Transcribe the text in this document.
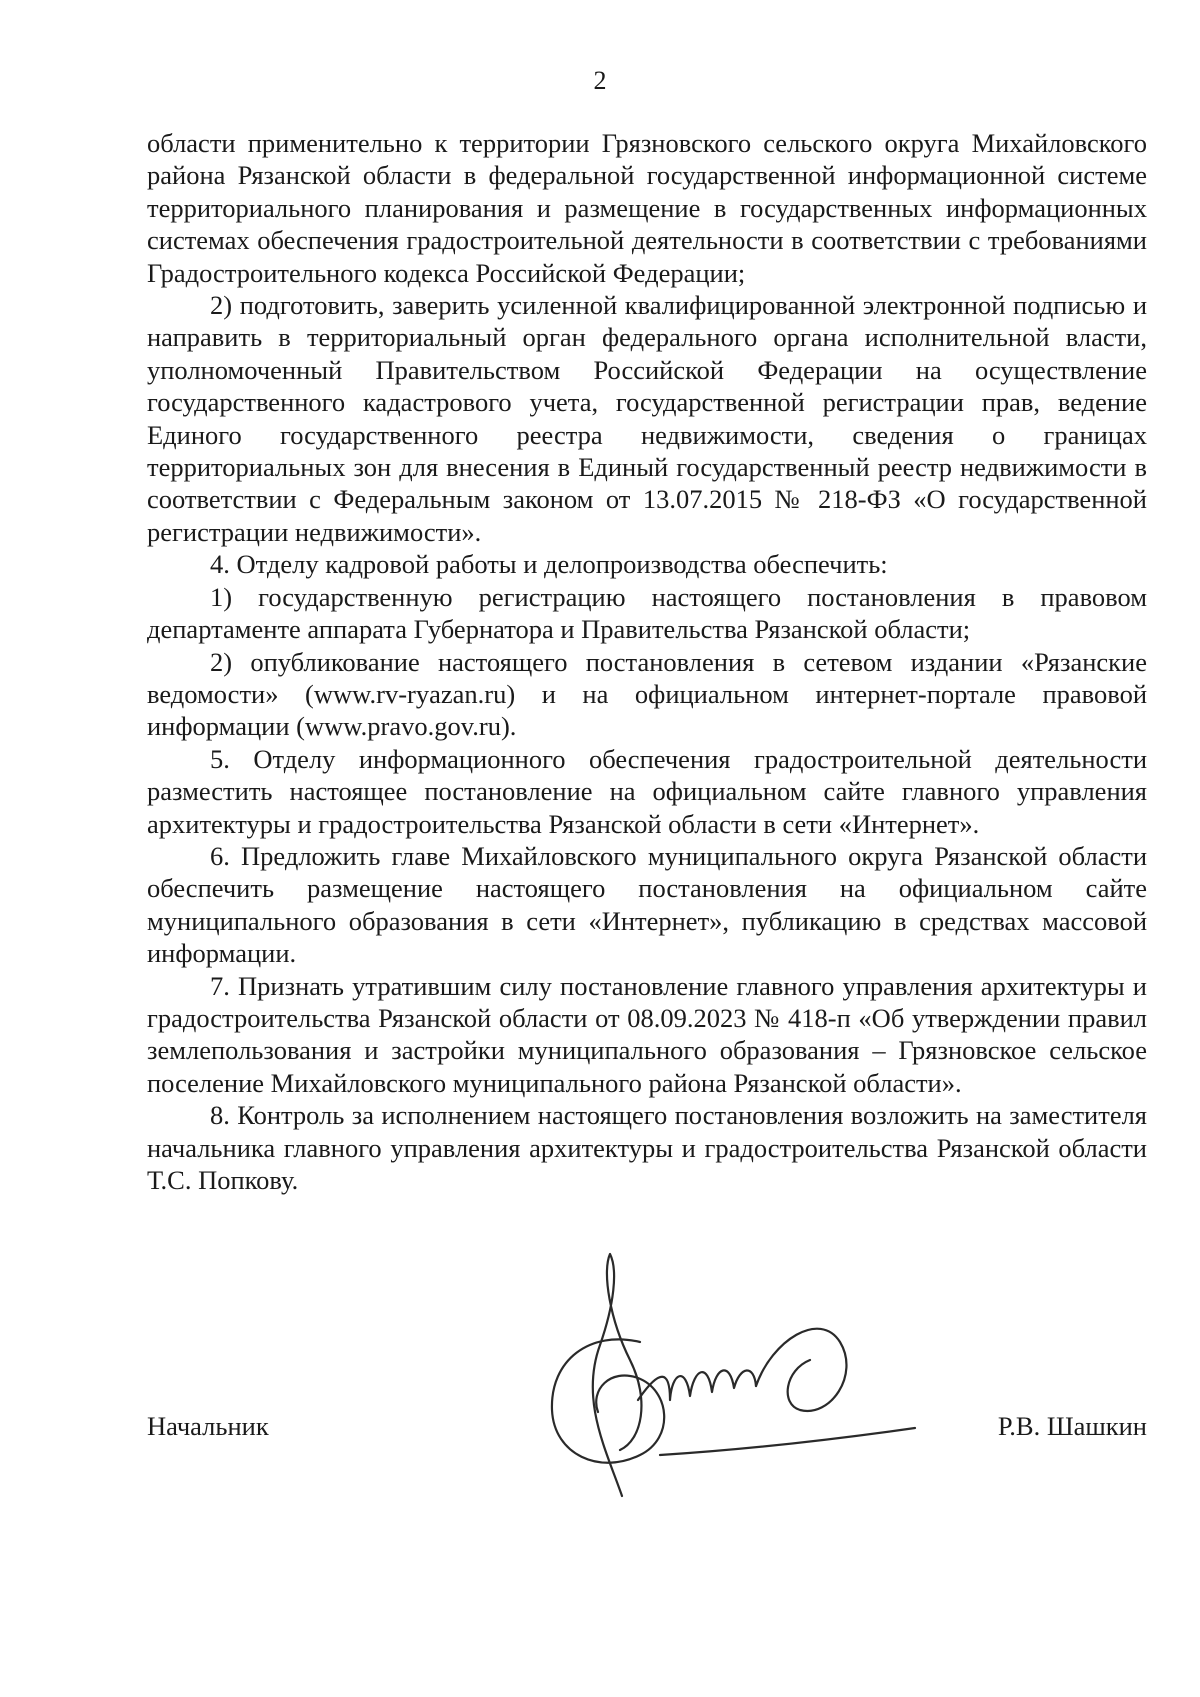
2

области применительно к территории Грязновского сельского округа Михайловского района Рязанской области в федеральной государственной информационной системе территориального планирования и размещение в государственных информационных системах обеспечения градостроительной деятельности в соответствии с требованиями Градостроительного кодекса Российской Федерации;

2) подготовить, заверить усиленной квалифицированной электронной подписью и направить в территориальный орган федерального органа исполнительной власти, уполномоченный Правительством Российской Федерации на осуществление государственного кадастрового учета, государственной регистрации прав, ведение Единого государственного реестра недвижимости, сведения о границах территориальных зон для внесения в Единый государственный реестр недвижимости в соответствии с Федеральным законом от 13.07.2015 № 218-ФЗ «О государственной регистрации недвижимости».

4. Отделу кадровой работы и делопроизводства обеспечить:

1) государственную регистрацию настоящего постановления в правовом департаменте аппарата Губернатора и Правительства Рязанской области;

2) опубликование настоящего постановления в сетевом издании «Рязанские ведомости» (www.rv-ryazan.ru) и на официальном интернет-портале правовой информации (www.pravo.gov.ru).

5. Отделу информационного обеспечения градостроительной деятельности разместить настоящее постановление на официальном сайте главного управления архитектуры и градостроительства Рязанской области в сети «Интернет».

6. Предложить главе Михайловского муниципального округа Рязанской области обеспечить размещение настоящего постановления на официальном сайте муниципального образования в сети «Интернет», публикацию в средствах массовой информации.

7. Признать утратившим силу постановление главного управления архитектуры и градостроительства Рязанской области от 08.09.2023 № 418-п «Об утверждении правил землепользования и застройки муниципального образования – Грязновское сельское поселение Михайловского муниципального района Рязанской области».

8. Контроль за исполнением настоящего постановления возложить на заместителя начальника главного управления архитектуры и градостроительства Рязанской области Т.С. Попкову.

Начальник	Р.В. Шашкин
